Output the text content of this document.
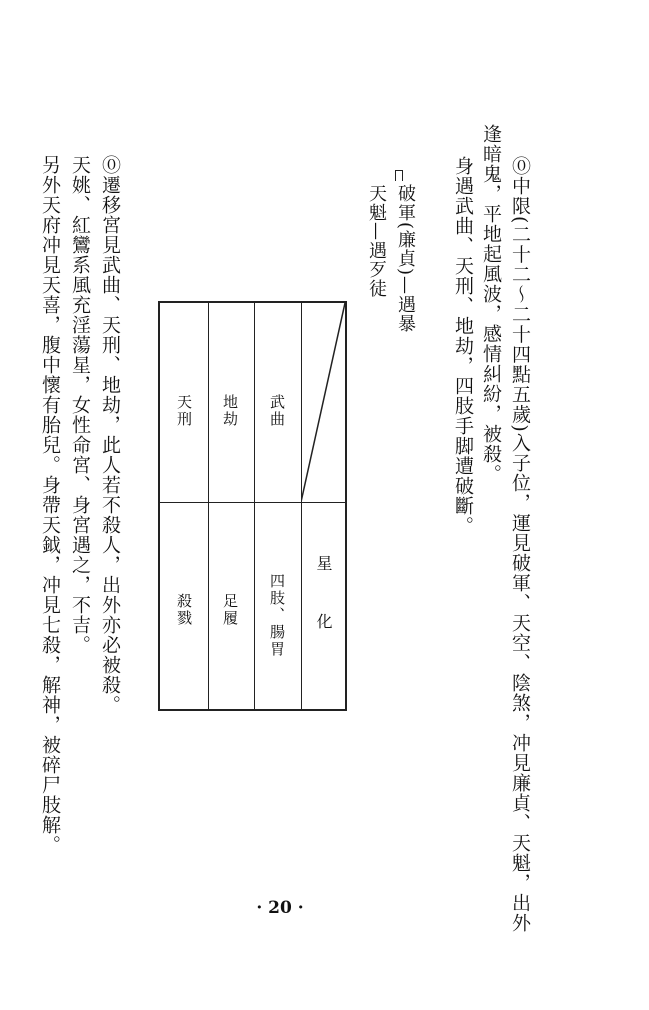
⓪中限(二十二～二十四點五歲)入子位，運見破軍、天空、陰煞，冲見廉貞、天魁，出外
逢暗鬼，平地起風波，感情糾紛，被殺。
身遇武曲、天刑、地劫，四肢手脚遭破斷。
破軍(廉貞)—遇暴
天魁—遇歹徒
星
化
武曲
四肢、腸胃
地劫
足履
天刑
殺戮
⓪遷移宮見武曲、天刑、地劫，此人若不殺人，出外亦必被殺。
天姚、紅鸞系風充淫蕩星，女性命宮、身宮遇之，不吉。
另外天府冲見天喜，腹中懷有胎兒。身帶天鉞，冲見七殺，解神，被碎尸肢解。
· 20 ·
